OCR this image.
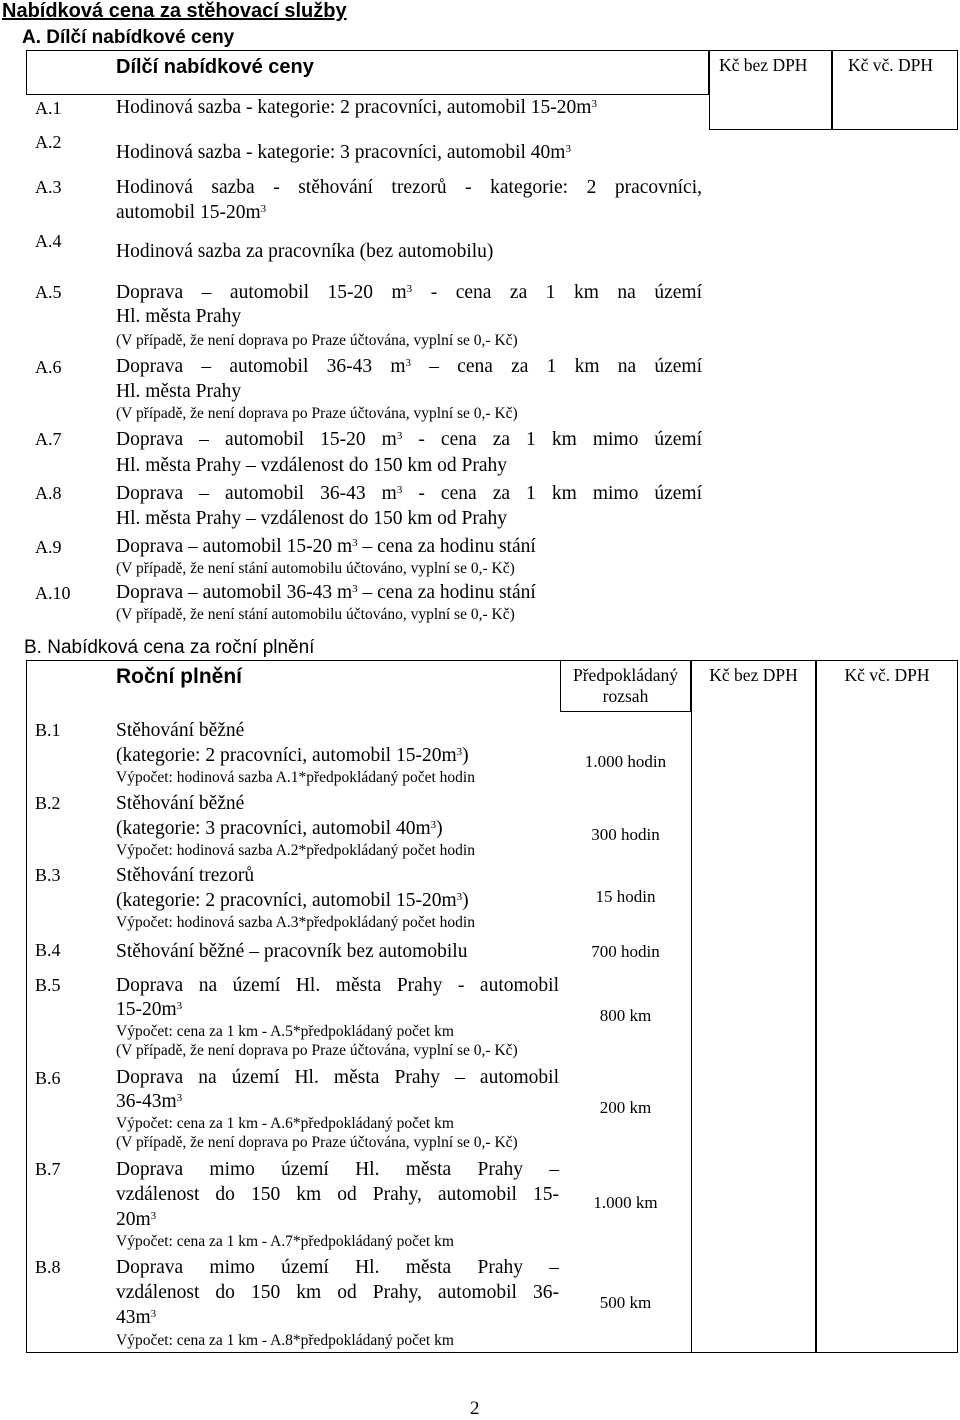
Nabídková cena za stěhovací služby
A. Dílčí nabídkové ceny
Dílčí nabídkové ceny	Kč bez DPH Kč vč. DPH
A.1	Hodinová sazba - kategorie: 2 pracovníci, automobil $15-20m^3$
A.2	Hodinová sazba - kategorie: 3 pracovníci, automobil $40m^3$
A.3	Hodinová sazba - stěhování trezorů - kategorie: 2 pracovníci,
automobil $15-20m^3$
A.4	Hodinová sazba za pracovníka (bez automobilu)
A.5	Doprava – automobil 15-20 $m^3$ - cena za 1 km na území
Hl. města Prahy
(V případě, že není doprava po Praze účtována, vyplní se 0,- Kč)
A.6	Doprava – automobil 36-43 $m^3$ – cena za 1 km na území
Hl. města Prahy
(V případě, že není doprava po Praze účtována, vyplní se 0,- Kč)
A.7	Doprava – automobil 15-20 $m^3$ - cena za 1 km mimo území
Hl. města Prahy – vzdálenost do 150 km od Prahy
A.8	Doprava – automobil 36-43 $m^3$ - cena za 1 km mimo území
Hl. města Prahy – vzdálenost do 150 km od Prahy
A.9	Doprava – automobil 15-20 $m^3$ – cena za hodinu stání
(V případě, že není stání automobilu účtováno, vyplní se 0,- Kč)
A.10 Doprava – automobil 36-43 $m^3$ – cena za hodinu stání
(V případě, že není stání automobilu účtováno, vyplní se 0,- Kč)
B. Nabídková cena za roční plnění
Roční plnění	Předpokládaný
rozsah
Kč bez DPH	Kč vč. DPH
B.1	Stěhování běžné
(kategorie: 2 pracovníci, automobil $15-20m^3$)
Výpočet: hodinová sazba A.1*předpokládaný počet hodin
1.000 hodin
B.2	Stěhování běžné
(kategorie: 3 pracovníci, automobil $40m^3$)
Výpočet: hodinová sazba A.2*předpokládaný počet hodin
300 hodin
B.3	Stěhování trezorů
(kategorie: 2 pracovníci, automobil $15-20m^3$)
Výpočet: hodinová sazba A.3*předpokládaný počet hodin
15 hodin
B.4	Stěhování běžné – pracovník bez automobilu	700 hodin
B.5	Doprava na území Hl. města Prahy - automobil
$15-20m^3$
Výpočet: cena za 1 km - A.5*předpokládaný počet km
(V případě, že není doprava po Praze účtována, vyplní se 0,- Kč)
800 km
B.6	Doprava na území Hl. města Prahy – automobil
$36-43m^3$
Výpočet: cena za 1 km - A.6*předpokládaný počet km
(V případě, že není doprava po Praze účtována, vyplní se 0,- Kč)
200 km
B.7	Doprava mimo území Hl. města Prahy –
vzdálenost do 150 km od Prahy, automobil 15-
$20m^3$
Výpočet: cena za 1 km - A.7*předpokládaný počet km
1.000 km
B.8	Doprava mimo území Hl. města Prahy –
vzdálenost do 150 km od Prahy, automobil 36-
$43m^3$
Výpočet: cena za 1 km - A.8*předpokládaný počet km
500 km
2
